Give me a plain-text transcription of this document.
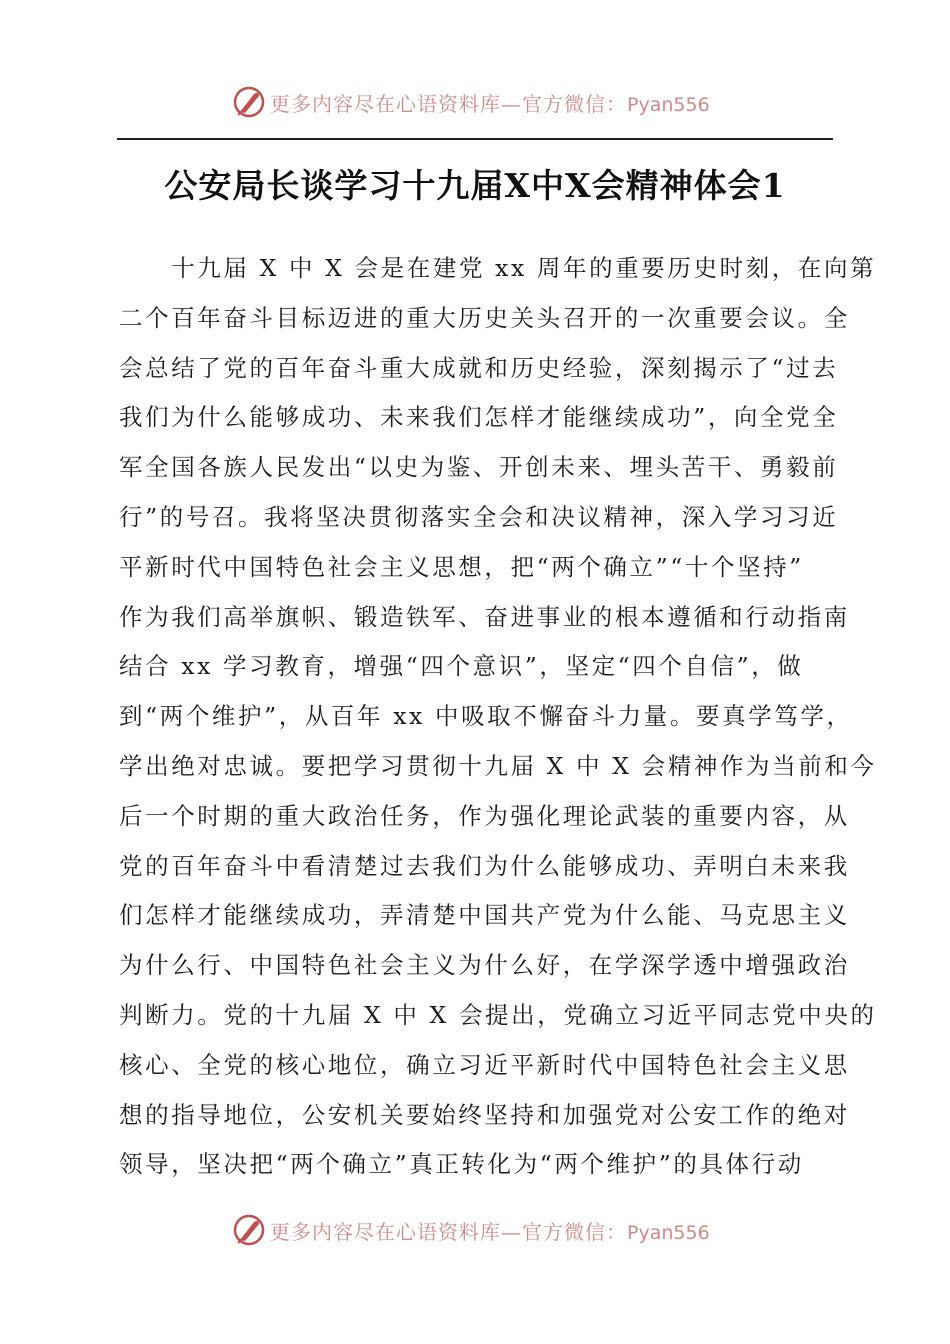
更多内容尽在心语资料库—官方微信：Pyan556
公安局长谈学习十九届X中X会精神体会1
　　十九届 X 中 X 会是在建党 xx 周年的重要历史时刻，在向第
二个百年奋斗目标迈进的重大历史关头召开的一次重要会议。全
会总结了党的百年奋斗重大成就和历史经验，深刻揭示了“过去
我们为什么能够成功、未来我们怎样才能继续成功”，向全党全
军全国各族人民发出“以史为鉴、开创未来、埋头苦干、勇毅前
行”的号召。我将坚决贯彻落实全会和决议精神，深入学习习近
平新时代中国特色社会主义思想，把“两个确立”“十个坚持”
作为我们高举旗帜、锻造铁军、奋进事业的根本遵循和行动指南
结合 xx 学习教育，增强“四个意识”，坚定“四个自信”，做
到“两个维护”，从百年 xx 中吸取不懈奋斗力量。要真学笃学，
学出绝对忠诚。要把学习贯彻十九届 X 中 X 会精神作为当前和今
后一个时期的重大政治任务，作为强化理论武装的重要内容，从
党的百年奋斗中看清楚过去我们为什么能够成功、弄明白未来我
们怎样才能继续成功，弄清楚中国共产党为什么能、马克思主义
为什么行、中国特色社会主义为什么好，在学深学透中增强政治
判断力。党的十九届 X 中 X 会提出，党确立习近平同志党中央的
核心、全党的核心地位，确立习近平新时代中国特色社会主义思
想的指导地位，公安机关要始终坚持和加强党对公安工作的绝对
领导，坚决把“两个确立”真正转化为“两个维护”的具体行动
更多内容尽在心语资料库—官方微信：Pyan556
